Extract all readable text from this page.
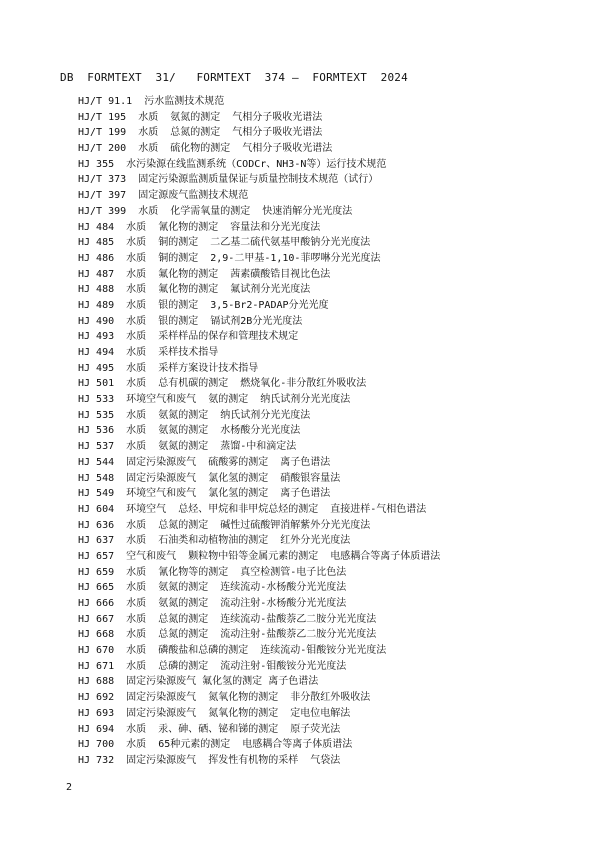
DB  FORMTEXT  31/   FORMTEXT  374 —  FORMTEXT  2024
HJ/T 91.1  污水监测技术规范
HJ/T 195  水质  氨氮的测定  气相分子吸收光谱法
HJ/T 199  水质  总氮的测定  气相分子吸收光谱法
HJ/T 200  水质  硫化物的测定  气相分子吸收光谱法
HJ 355  水污染源在线监测系统（CODCr、NH3-N等）运行技术规范
HJ/T 373  固定污染源监测质量保证与质量控制技术规范（试行）
HJ/T 397  固定源废气监测技术规范
HJ/T 399  水质  化学需氧量的测定  快速消解分光光度法
HJ 484  水质  氰化物的测定  容量法和分光光度法
HJ 485  水质  铜的测定  二乙基二硫代氨基甲酸钠分光光度法
HJ 486  水质  铜的测定  2,9-二甲基-1,10-菲啰啉分光光度法
HJ 487  水质  氟化物的测定  茜素磺酸锆目视比色法
HJ 488  水质  氟化物的测定  氟试剂分光光度法
HJ 489  水质  银的测定  3,5-Br2-PADAP分光光度
HJ 490  水质  银的测定  镉试剂2B分光光度法
HJ 493  水质  采样样品的保存和管理技术规定
HJ 494  水质  采样技术指导
HJ 495  水质  采样方案设计技术指导
HJ 501  水质  总有机碳的测定  燃烧氧化-非分散红外吸收法
HJ 533  环境空气和废气  氨的测定  纳氏试剂分光光度法
HJ 535  水质  氨氮的测定  纳氏试剂分光光度法
HJ 536  水质  氨氮的测定  水杨酸分光光度法
HJ 537  水质  氨氮的测定  蒸馏-中和滴定法
HJ 544  固定污染源废气  硫酸雾的测定  离子色谱法
HJ 548  固定污染源废气  氯化氢的测定  硝酸银容量法
HJ 549  环境空气和废气  氯化氢的测定  离子色谱法
HJ 604  环境空气  总烃、甲烷和非甲烷总烃的测定  直接进样-气相色谱法
HJ 636  水质  总氮的测定  碱性过硫酸钾消解紫外分光光度法
HJ 637  水质  石油类和动植物油的测定  红外分光光度法
HJ 657  空气和废气  颗粒物中铅等金属元素的测定  电感耦合等离子体质谱法
HJ 659  水质  氰化物等的测定  真空检测管-电子比色法
HJ 665  水质  氨氮的测定  连续流动-水杨酸分光光度法
HJ 666  水质  氨氮的测定  流动注射-水杨酸分光光度法
HJ 667  水质  总氮的测定  连续流动-盐酸萘乙二胺分光光度法
HJ 668  水质  总氮的测定  流动注射-盐酸萘乙二胺分光光度法
HJ 670  水质  磷酸盐和总磷的测定  连续流动-钼酸铵分光光度法
HJ 671  水质  总磷的测定  流动注射-钼酸铵分光光度法
HJ 688  固定污染源废气 氟化氢的测定 离子色谱法
HJ 692  固定污染源废气  氮氧化物的测定  非分散红外吸收法
HJ 693  固定污染源废气  氮氧化物的测定  定电位电解法
HJ 694  水质  汞、砷、硒、铋和锑的测定  原子荧光法
HJ 700  水质  65种元素的测定  电感耦合等离子体质谱法
HJ 732  固定污染源废气  挥发性有机物的采样  气袋法
2
